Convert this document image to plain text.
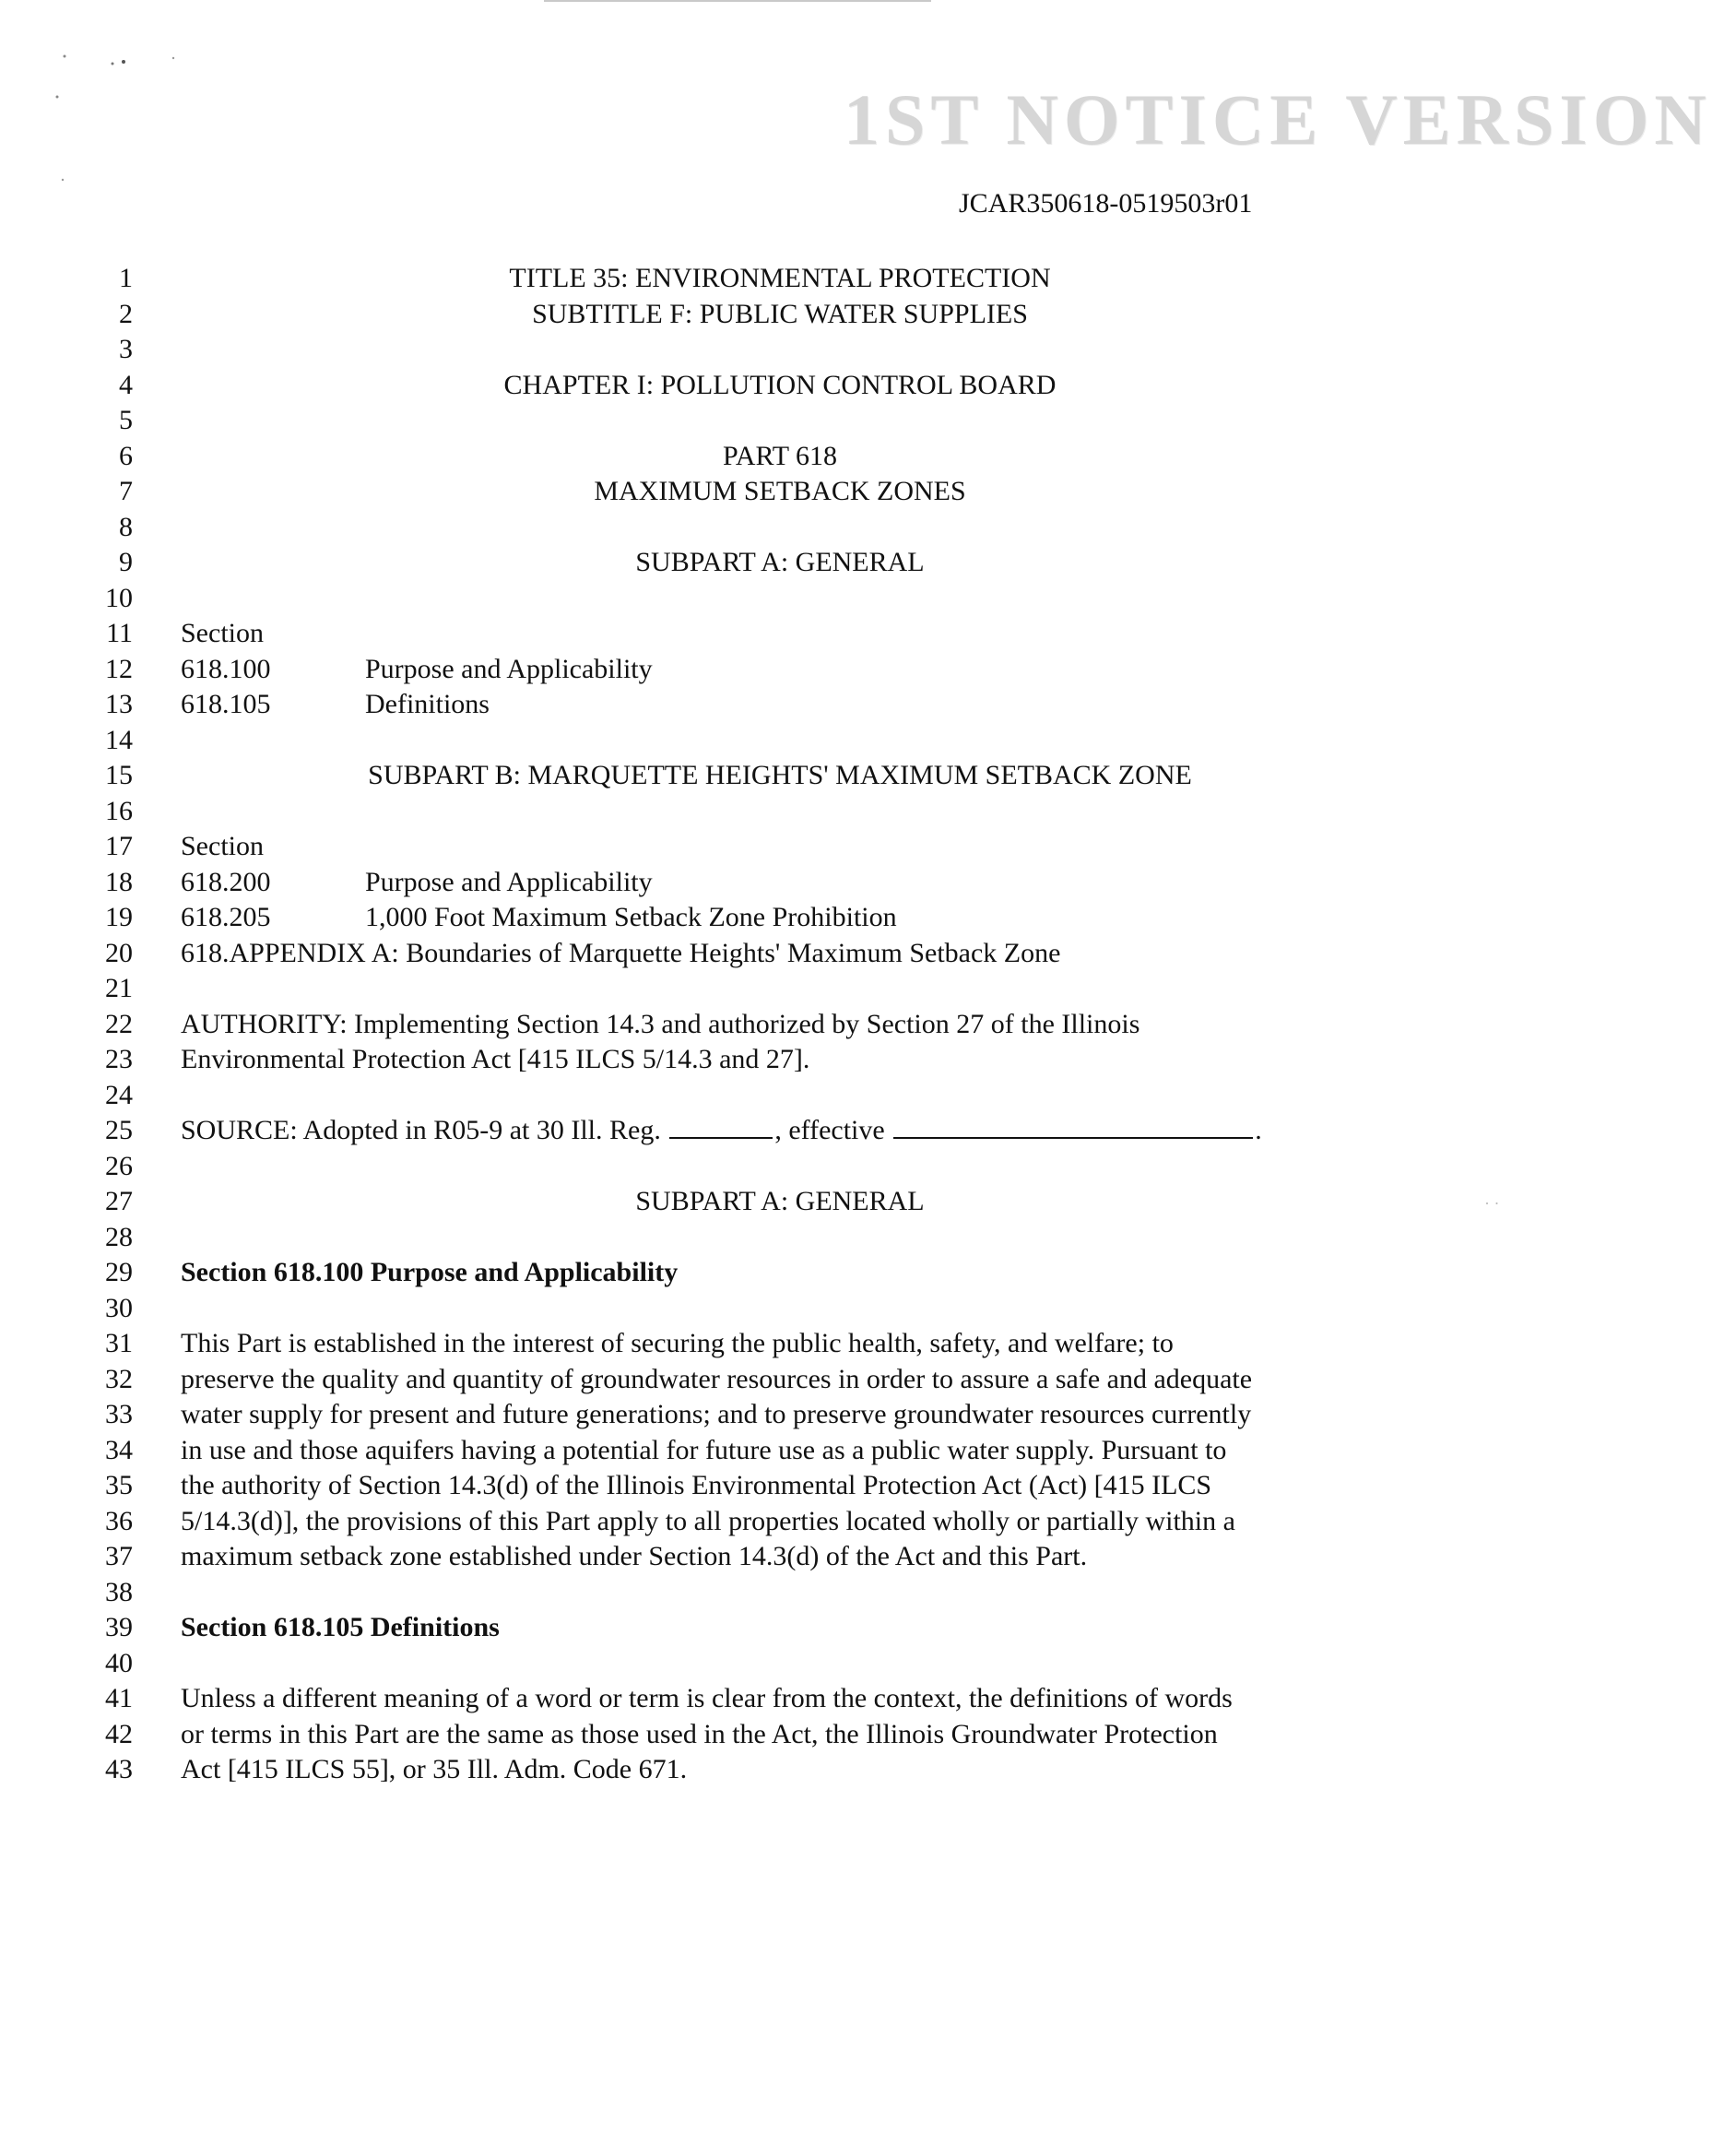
1ST NOTICE VERSION
JCAR350618-0519503r01
1	TITLE 35: ENVIRONMENTAL PROTECTION
2	SUBTITLE F: PUBLIC WATER SUPPLIES
3
4	CHAPTER I: POLLUTION CONTROL BOARD
5
6	PART 618
7	MAXIMUM SETBACK ZONES
8
9	SUBPART A: GENERAL
10
11 Section
12 618.100	Purpose and Applicability
13 618.105	Definitions
14
15	SUBPART B: MARQUETTE HEIGHTS' MAXIMUM SETBACK ZONE
16
17 Section
18 618.200	Purpose and Applicability
19 618.205	1,000 Foot Maximum Setback Zone Prohibition
20 618.APPENDIX A: Boundaries of Marquette Heights' Maximum Setback Zone
21
22 AUTHORITY: Implementing Section 14.3 and authorized by Section 27 of the Illinois
23 Environmental Protection Act [415 ILCS 5/14.3 and 27].
24
25 SOURCE: Adopted in R05-9 at 30 Ill. Reg.	, effective	.
26
27	SUBPART A: GENERAL
28
29 Section 618.100 Purpose and Applicability
30
31 This Part is established in the interest of securing the public health, safety, and welfare; to
32 preserve the quality and quantity of groundwater resources in order to assure a safe and adequate
33 water supply for present and future generations; and to preserve groundwater resources currently
34 in use and those aquifers having a potential for future use as a public water supply. Pursuant to
35 the authority of Section 14.3(d) of the Illinois Environmental Protection Act (Act) [415 ILCS
36 5/14.3(d)], the provisions of this Part apply to all properties located wholly or partially within a
37 maximum setback zone established under Section 14.3(d) of the Act and this Part.
38
39 Section 618.105 Definitions
40
41 Unless a different meaning of a word or term is clear from the context, the definitions of words
42 or terms in this Part are the same as those used in the Act, the Illinois Groundwater Protection
43 Act [415 ILCS 55], or 35 Ill. Adm. Code 671.
· ·
